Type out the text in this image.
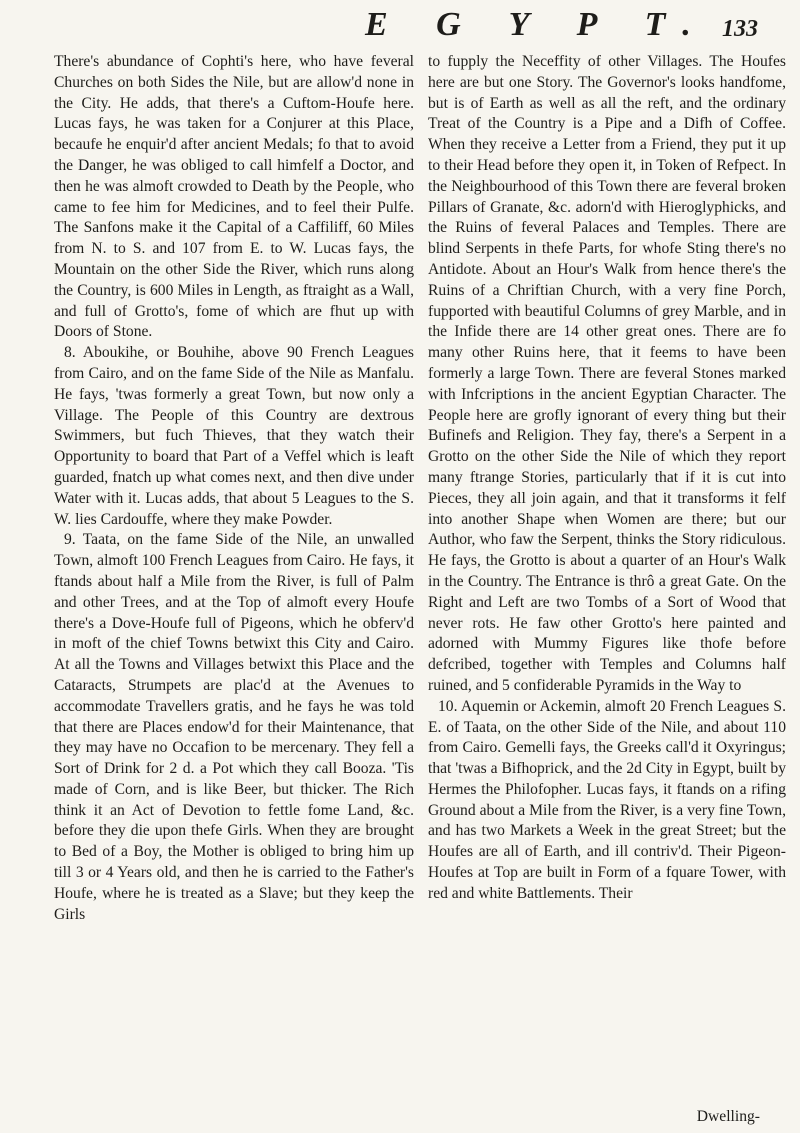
E G Y P T. 133

There's abundance of Cophti's here, who have feveral Churches on both Sides the Nile, but are allow'd none in the City. He adds, that there's a Cuftom-Houfe here. Lucas fays, he was taken for a Conjurer at this Place, becaufe he enquir'd after ancient Medals; fo that to avoid the Danger, he was obliged to call himfelf a Doctor, and then he was almoft crowded to Death by the People, who came to fee him for Medicines, and to feel their Pulfe. The Sanfons make it the Capital of a Caffiliff, 60 Miles from N. to S. and 107 from E. to W. Lucas fays, the Mountain on the other Side the River, which runs along the Country, is 600 Miles in Length, as ftraight as a Wall, and full of Grotto's, fome of which are fhut up with Doors of Stone.

8. Aboukihe, or Bouhihe, above 90 French Leagues from Cairo, and on the fame Side of the Nile as Manfalu. He fays, 'twas formerly a great Town, but now only a Village. The People of this Country are dextrous Swimmers, but fuch Thieves, that they watch their Opportunity to board that Part of a Veffel which is leaft guarded, fnatch up what comes next, and then dive under Water with it. Lucas adds, that about 5 Leagues to the S. W. lies Cardouffe, where they make Powder.

9. Taata, on the fame Side of the Nile, an unwalled Town, almoft 100 French Leagues from Cairo. He fays, it ftands about half a Mile from the River, is full of Palm and other Trees, and at the Top of almoft every Houfe there's a Dove-Houfe full of Pigeons, which he obferv'd in moft of the chief Towns betwixt this City and Cairo. At all the Towns and Villages betwixt this Place and the Cataracts, Strumpets are plac'd at the Avenues to accommodate Travellers gratis, and he fays he was told that there are Places endow'd for their Maintenance, that they may have no Occafion to be mercenary. They fell a Sort of Drink for 2 d. a Pot which they call Booza. 'Tis made of Corn, and is like Beer, but thicker. The Rich think it an Act of Devotion to fettle fome Land, &c. before they die upon thefe Girls. When they are brought to Bed of a Boy, the Mother is obliged to bring him up till 3 or 4 Years old, and then he is carried to the Father's Houfe, where he is treated as a Slave; but they keep the Girls

to fupply the Neceffity of other Villages. The Houfes here are but one Story. The Governor's looks handfome, but is of Earth as well as all the reft, and the ordinary Treat of the Country is a Pipe and a Difh of Coffee. When they receive a Letter from a Friend, they put it up to their Head before they open it, in Token of Refpect. In the Neighbourhood of this Town there are feveral broken Pillars of Granate, &c. adorn'd with Hieroglyphicks, and the Ruins of feveral Palaces and Temples. There are blind Serpents in thefe Parts, for whofe Sting there's no Antidote. About an Hour's Walk from hence there's the Ruins of a Chriftian Church, with a very fine Porch, fupported with beautiful Columns of grey Marble, and in the Infide there are 14 other great ones. There are fo many other Ruins here, that it feems to have been formerly a large Town. There are feveral Stones marked with Infcriptions in the ancient Egyptian Character. The People here are grofly ignorant of every thing but their Bufinefs and Religion. They fay, there's a Serpent in a Grotto on the other Side the Nile of which they report many ftrange Stories, particularly that if it is cut into Pieces, they all join again, and that it transforms it felf into another Shape when Women are there; but our Author, who faw the Serpent, thinks the Story ridiculous. He fays, the Grotto is about a quarter of an Hour's Walk in the Country. The Entrance is thrô a great Gate. On the Right and Left are two Tombs of a Sort of Wood that never rots. He faw other Grotto's here painted and adorned with Mummy Figures like thofe before defcribed, together with Temples and Columns half ruined, and 5 confiderable Pyramids in the Way to

10. Aquemin or Ackemin, almoft 20 French Leagues S. E. of Taata, on the other Side of the Nile, and about 110 from Cairo. Gemelli fays, the Greeks call'd it Oxyringus; that 'twas a Bifhoprick, and the 2d City in Egypt, built by Hermes the Philofopher. Lucas fays, it ftands on a rifing Ground about a Mile from the River, is a very fine Town, and has two Markets a Week in the great Street; but the Houfes are all of Earth, and ill contriv'd. Their Pigeon-Houfes at Top are built in Form of a fquare Tower, with red and white Battlements. Their

Dwelling-
